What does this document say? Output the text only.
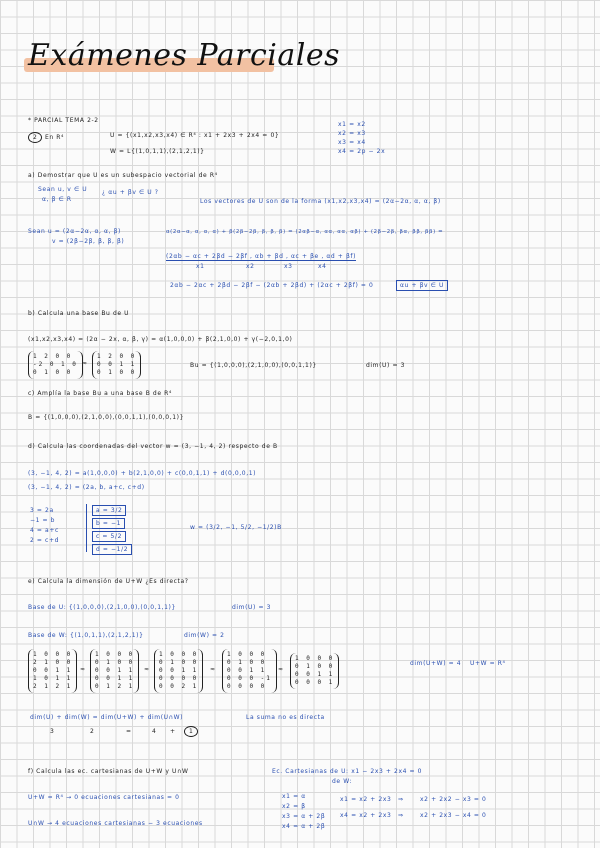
Exámenes Parciales
* PARCIAL TEMA 2-2
2 En R⁴	U = {(x1,x2,x3,x4) ∈ R⁴ : x1 + 2x3 + 2x4 = 0}
W = L{(1,0,1,1),(2,1,2,1)}
x1 = x2
x2 = x3
x3 = x4
x4 = 2p − 2x
a) Demostrar que U es un subespacio vectorial de R⁴
Sean u, v ∈ U
α, β ∈ R
¿ αu + βv ∈ U ?
Los vectores de U son de la forma (x1,x2,x3,x4) = (2α−2α, α, α, β)
Sean u = (2α−2α, α, α, β)
v = (2β−2β, β, β, β)
α(2α−α, α, α, α) + β(2β−2β, β, β, β) = (2αβ−α, αα, αα, αβ) + (2β−2β, βα, ββ, ββ) =
(2αb − αc + 2βd − 2βf , αb + βd , αc + βe , αd + βf)
x1	x2	x3	x4
2αb − 2αc + 2βd − 2βf − (2αb + 2βd) + (2αc + 2βf) = 0	αu + βv ∈ U
b) Calcula una base Bu de U
(x1,x2,x3,x4) = (2α − 2x, α, β, γ) = α(1,0,0,0) + β(2,1,0,0) + γ(−2,0,1,0)
1 2 0 0
-2 0 1 0
0 1 0 0
≈
1 2 0 0
0 0 1 1
0 1 0 0
Bu = {(1,0,0,0),(2,1,0,0),(0,0,1,1)}	dim(U) = 3
c) Amplía la base Bu a una base B de R⁴
B = {(1,0,0,0),(2,1,0,0),(0,0,1,1),(0,0,0,1)}
d) Calcula las coordenadas del vector w = (3, −1, 4, 2) respecto de B
(3, −1, 4, 2) = a(1,0,0,0) + b(2,1,0,0) + c(0,0,1,1) + d(0,0,0,1)
(3, −1, 4, 2) = (2a, b, a+c, c+d)
3 = 2a
−1 = b
4 = a+c
2 = c+d
a = 3/2
b = −1
c = 5/2
d = −1/2
w = (3/2, −1, 5/2, −1/2)B
e) Calcula la dimensión de U+W ¿Es directa?
Base de U: {(1,0,0,0),(2,1,0,0),(0,0,1,1)}	dim(U) = 3
Base de W: {(1,0,1,1),(2,1,2,1)}	dim(W) = 2
1 0 0 0
2 1 0 0
0 0 1 1
1 0 1 1
2 1 2 1
≈
1 0 0 0
0 1 0 0
0 0 1 1
0 0 1 1
0 1 2 1
≈
1 0 0 0
0 1 0 0
0 0 1 1
0 0 0 0
0 0 2 1
≈
1 0 0 0
0 1 0 0
0 0 1 1
0 0 0 -1
0 0 0 0
≈
1 0 0 0
0 1 0 0
0 0 1 1
0 0 0 1
dim(U+W) = 4 U+W = R⁴
dim(U) + dim(W) = dim(U+W) + dim(U∩W)	La suma no es directa
3	2	=	4 +	1
f) Calcula las ec. cartesianas de U+W y U∩W
U+W = R⁴ → 0 ecuaciones cartesianas = 0
U∩W → 4 ecuaciones cartesianas − 3 ecuaciones
Ec. Cartesianas de U: x1 − 2x3 + 2x4 = 0
de W:
x1 = α
x2 = β
x3 = α + 2β
x4 = α + 2β
x1 = x2 + 2x3 ⇒	x2 + 2x2 − x3 = 0
x4 = x2 + 2x3 ⇒	x2 + 2x3 − x4 = 0
